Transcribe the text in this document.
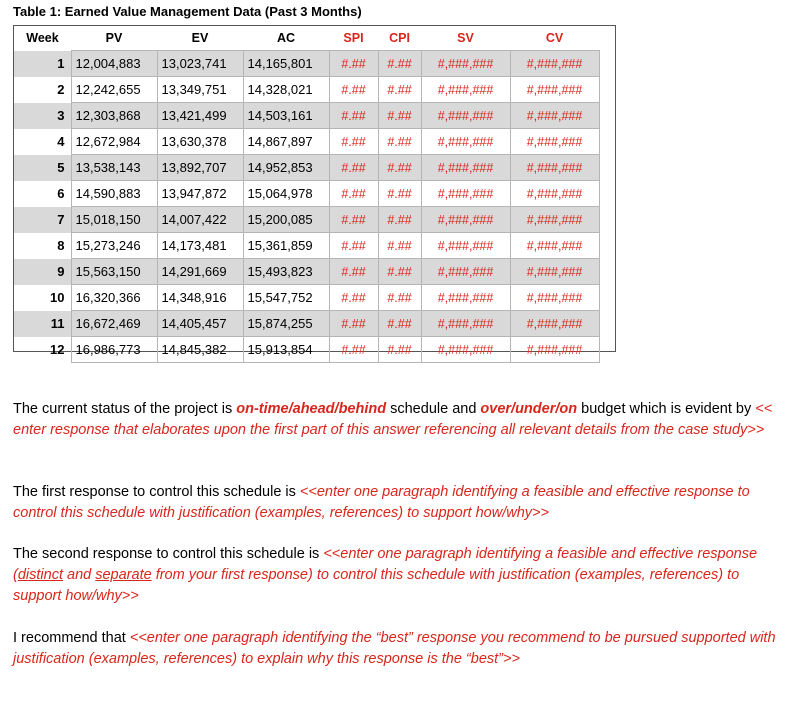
Table 1: Earned Value Management Data (Past 3 Months)
Week	PV	EV	AC	SPI	CPI	SV	CV
1	12,004,883	13,023,741	14,165,801	#.##	#.##	#,###,###	#,###,###
2	12,242,655	13,349,751	14,328,021	#.##	#.##	#,###,###	#,###,###
3	12,303,868	13,421,499	14,503,161	#.##	#.##	#,###,###	#,###,###
4	12,672,984	13,630,378	14,867,897	#.##	#.##	#,###,###	#,###,###
5	13,538,143	13,892,707	14,952,853	#.##	#.##	#,###,###	#,###,###
6	14,590,883	13,947,872	15,064,978	#.##	#.##	#,###,###	#,###,###
7	15,018,150	14,007,422	15,200,085	#.##	#.##	#,###,###	#,###,###
8	15,273,246	14,173,481	15,361,859	#.##	#.##	#,###,###	#,###,###
9	15,563,150	14,291,669	15,493,823	#.##	#.##	#,###,###	#,###,###
10	16,320,366	14,348,916	15,547,752	#.##	#.##	#,###,###	#,###,###
11	16,672,469	14,405,457	15,874,255	#.##	#.##	#,###,###	#,###,###
12	16,986,773	14,845,382	15,913,854	#.##	#.##	#,###,###	#,###,###
The current status of the project is on-time/ahead/behind schedule and over/under/on budget which is evident by << enter response that elaborates upon the first part of this answer referencing all relevant details from the case study>>
The first response to control this schedule is <<enter one paragraph identifying a feasible and effective response to control this schedule with justification (examples, references) to support how/why>>
The second response to control this schedule is <<enter one paragraph identifying a feasible and effective response (distinct and separate from your first response) to control this schedule with justification (examples, references) to support how/why>>
I recommend that <<enter one paragraph identifying the “best” response you recommend to be pursued supported with justification (examples, references) to explain why this response is the “best”>>
